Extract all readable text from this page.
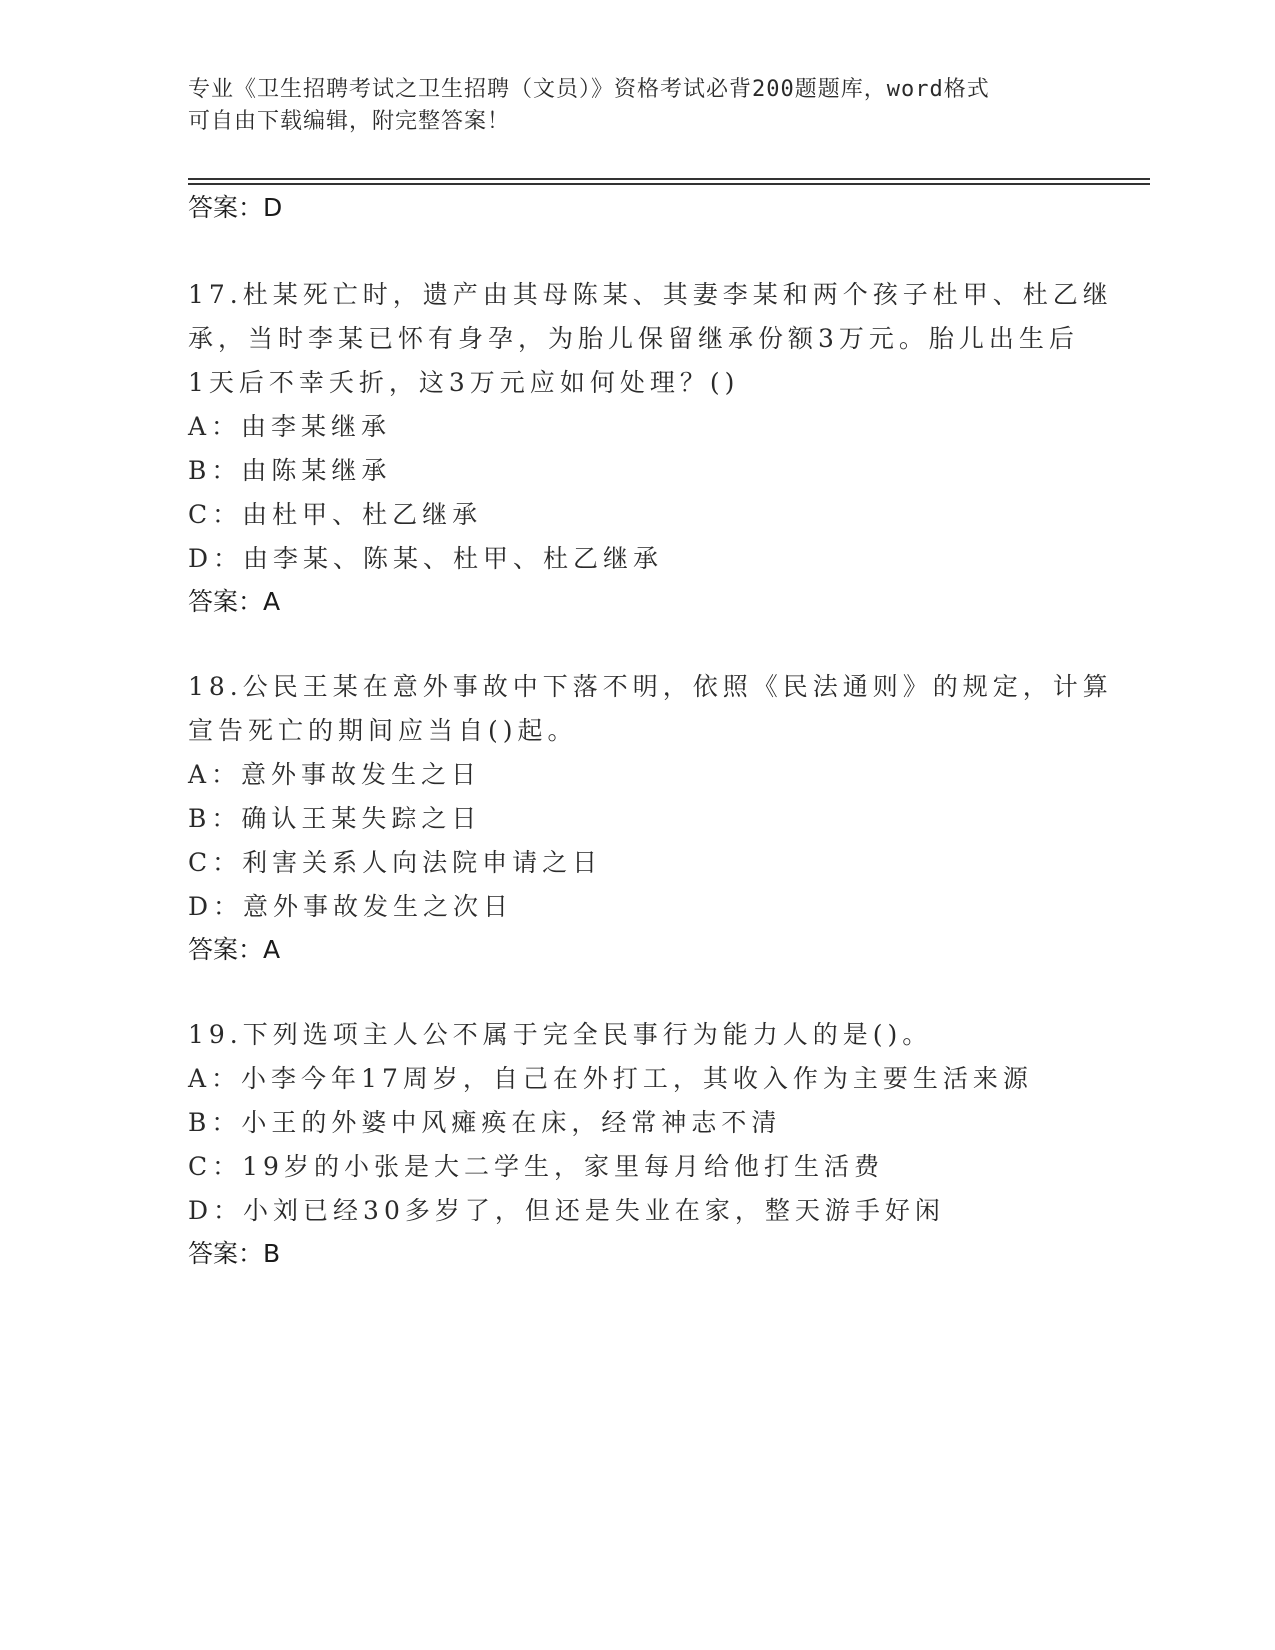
专业《卫生招聘考试之卫生招聘（文员）》资格考试必背200题题库，word格式
可自由下载编辑，附完整答案！
答案：D
17.杜某死亡时，遗产由其母陈某、其妻李某和两个孩子杜甲、杜乙继
承，当时李某已怀有身孕，为胎儿保留继承份额3万元。胎儿出生后
1天后不幸夭折，这3万元应如何处理？()
A：由李某继承
B：由陈某继承
C：由杜甲、杜乙继承
D：由李某、陈某、杜甲、杜乙继承
答案：A
18.公民王某在意外事故中下落不明，依照《民法通则》的规定，计算
宣告死亡的期间应当自()起。
A：意外事故发生之日
B：确认王某失踪之日
C：利害关系人向法院申请之日
D：意外事故发生之次日
答案：A
19.下列选项主人公不属于完全民事行为能力人的是()。
A：小李今年17周岁，自己在外打工，其收入作为主要生活来源
B：小王的外婆中风瘫痪在床，经常神志不清
C：19岁的小张是大二学生，家里每月给他打生活费
D：小刘已经30多岁了，但还是失业在家，整天游手好闲
答案：B
